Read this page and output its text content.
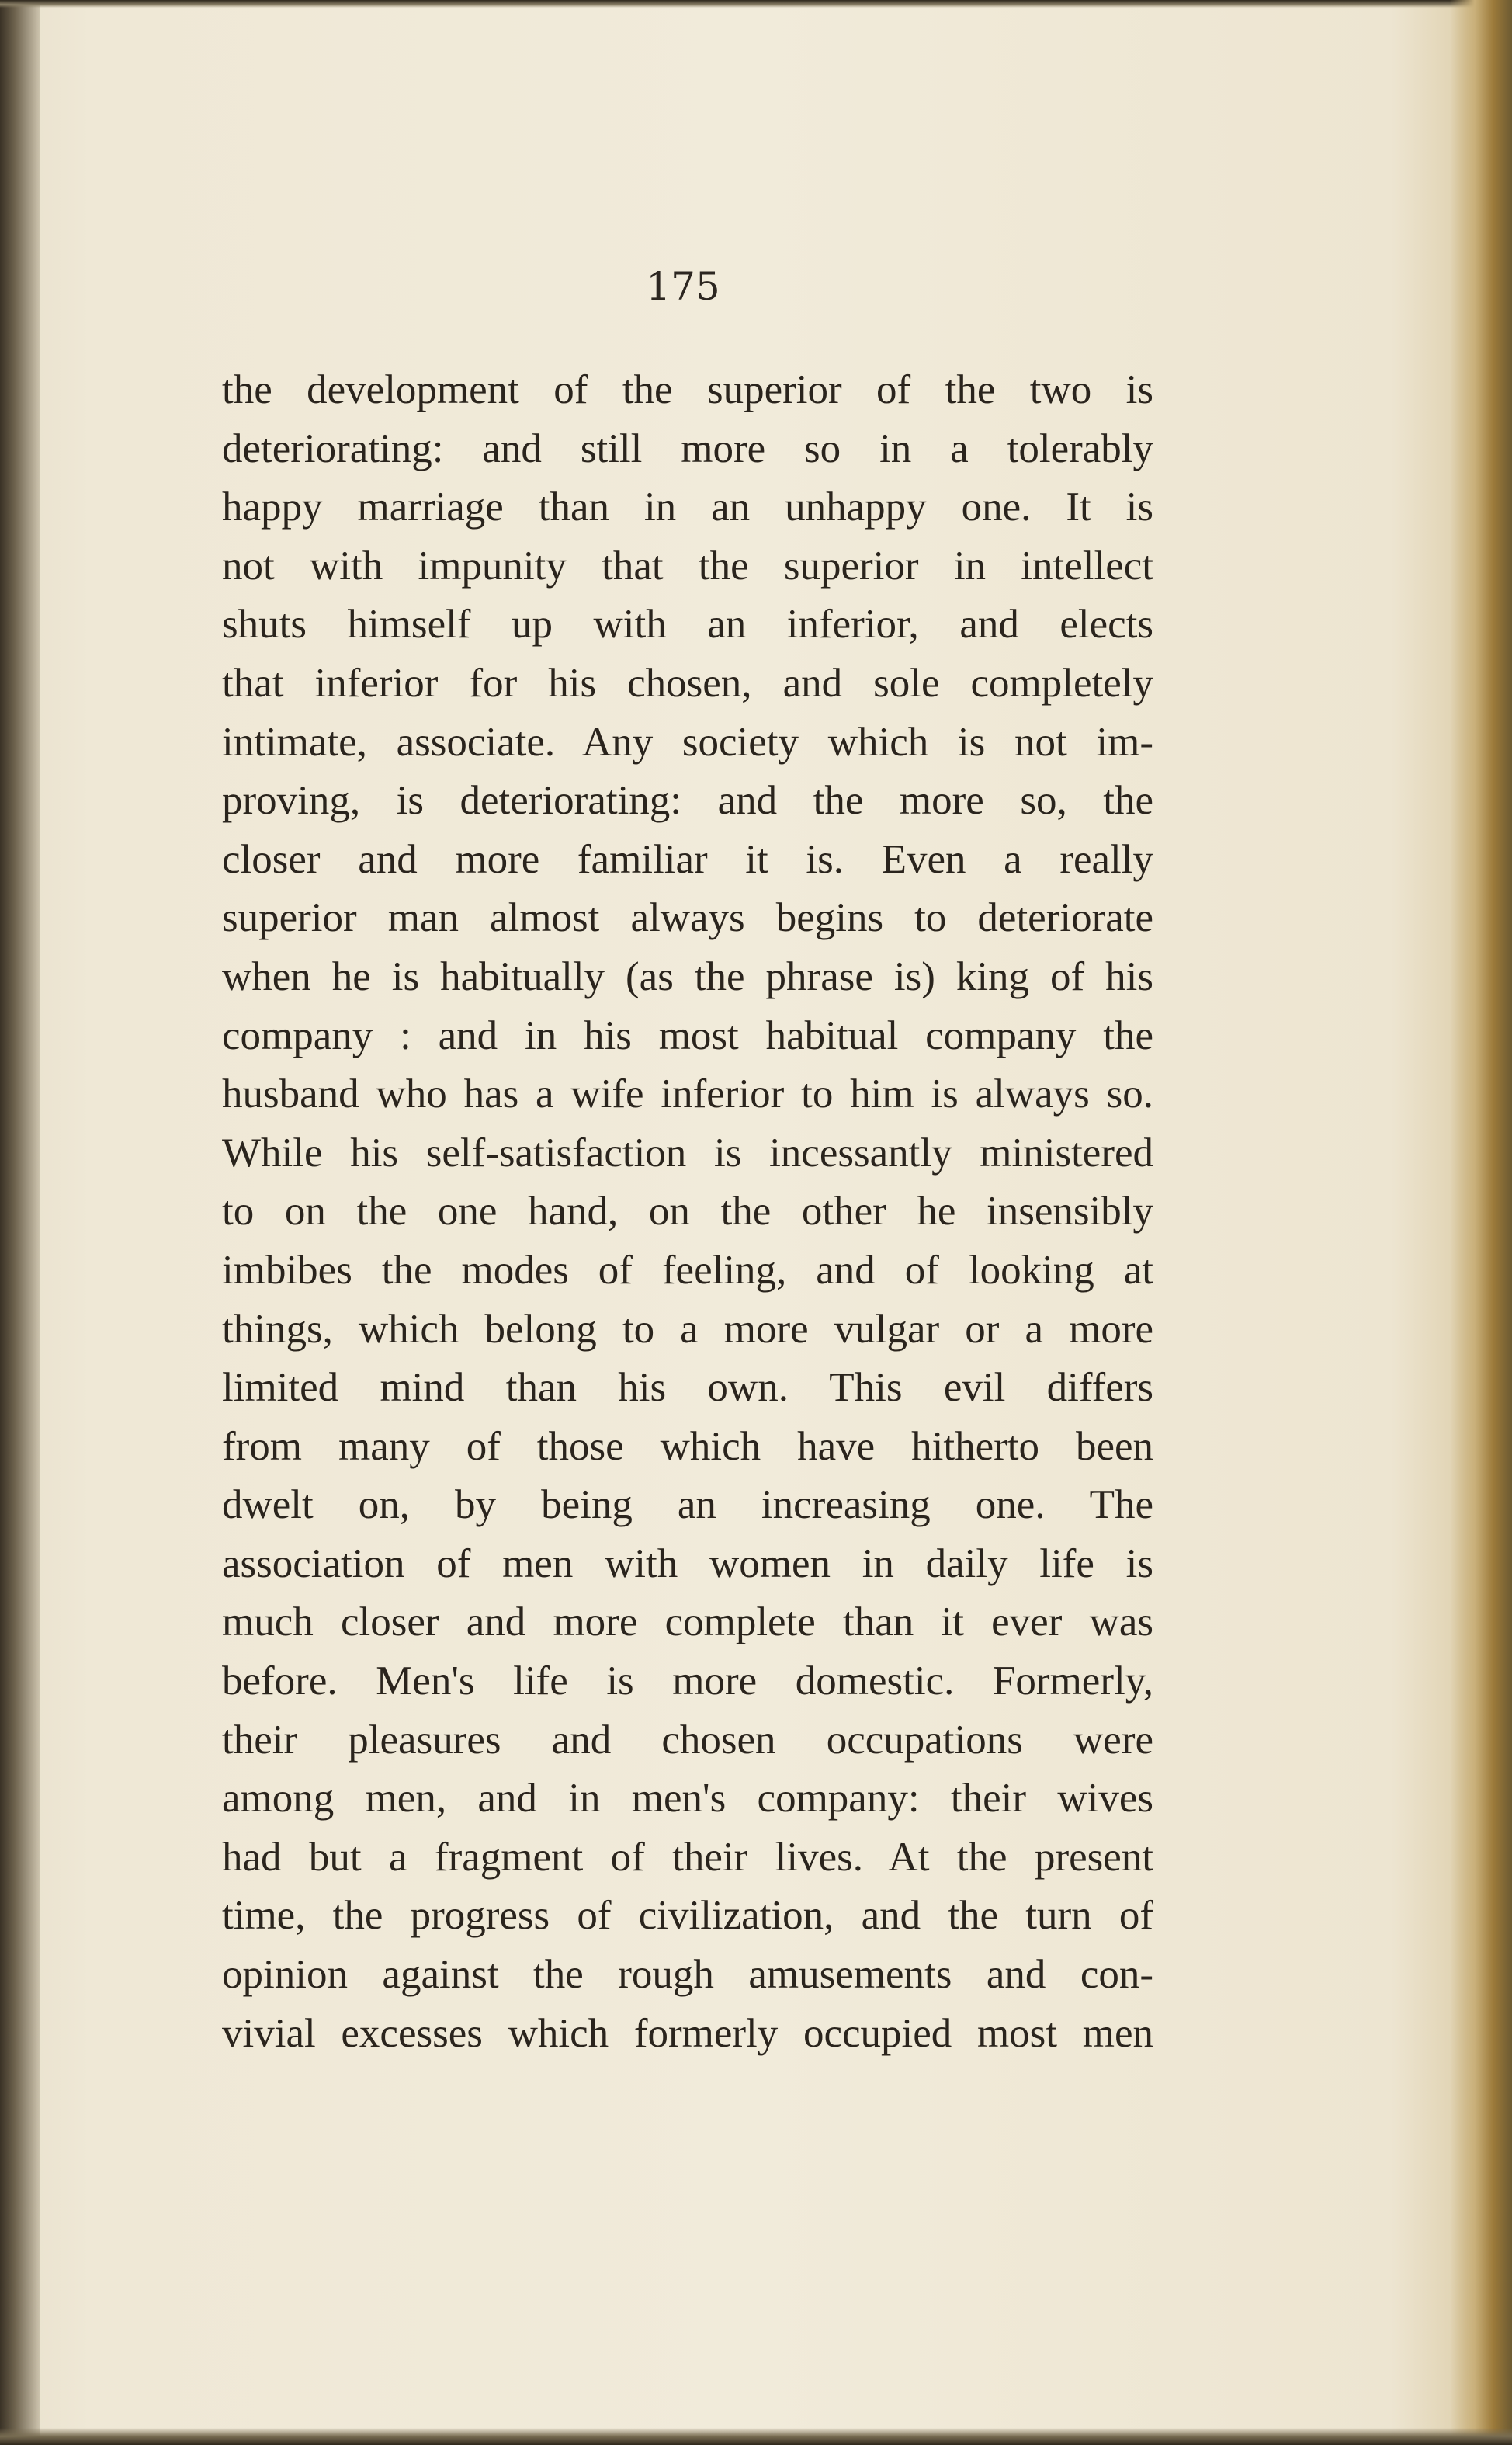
175
the development of the superior of the two is
deteriorating: and still more so in a tolerably
happy marriage than in an unhappy one. It is
not with impunity that the superior in intellect
shuts himself up with an inferior, and elects
that inferior for his chosen, and sole completely
intimate, associate. Any society which is not im-
proving, is deteriorating: and the more so, the
closer and more familiar it is. Even a really
superior man almost always begins to deteriorate
when he is habitually (as the phrase is) king of his
company : and in his most habitual company the
husband who has a wife inferior to him is always so.
While his self-satisfaction is incessantly ministered
to on the one hand, on the other he insensibly
imbibes the modes of feeling, and of looking at
things, which belong to a more vulgar or a more
limited mind than his own. This evil differs
from many of those which have hitherto been
dwelt on, by being an increasing one. The
association of men with women in daily life is
much closer and more complete than it ever was
before. Men's life is more domestic. Formerly,
their pleasures and chosen occupations were
among men, and in men's company: their wives
had but a fragment of their lives. At the present
time, the progress of civilization, and the turn of
opinion against the rough amusements and con-
vivial excesses which formerly occupied most men
